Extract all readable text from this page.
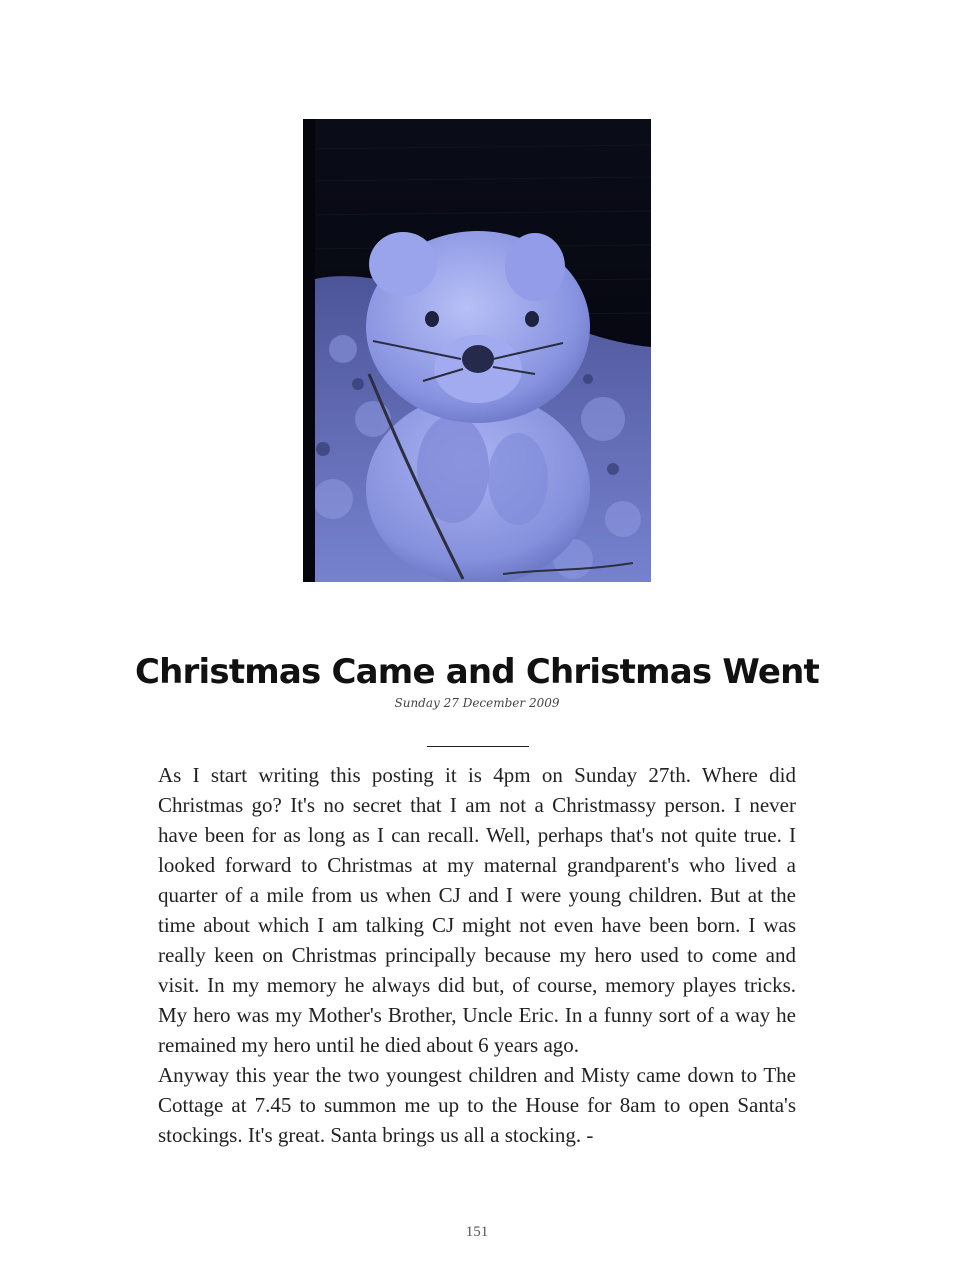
Christmas Came and Christmas Went
Sunday 27 December 2009

As I start writing this posting it is 4pm on Sunday 27th. Where did Christmas go? It's no secret that I am not a Christmassy person. I never have been for as long as I can recall. Well, perhaps that's not quite true. I looked forward to Christmas at my maternal grandparent's who lived a quarter of a mile from us when CJ and I were young children. But at the time about which I am talking CJ might not even have been born. I was really keen on Christmas principally because my hero used to come and visit. In my memory he always did but, of course, memory playes tricks. My hero was my Mother's Brother, Uncle Eric. In a funny sort of a way he remained my hero until he died about 6 years ago.

Anyway this year the two youngest children and Misty came down to The Cottage at 7.45 to summon me up to the House for 8am to open Santa's stockings. It's great. Santa brings us all a stocking. -

151
